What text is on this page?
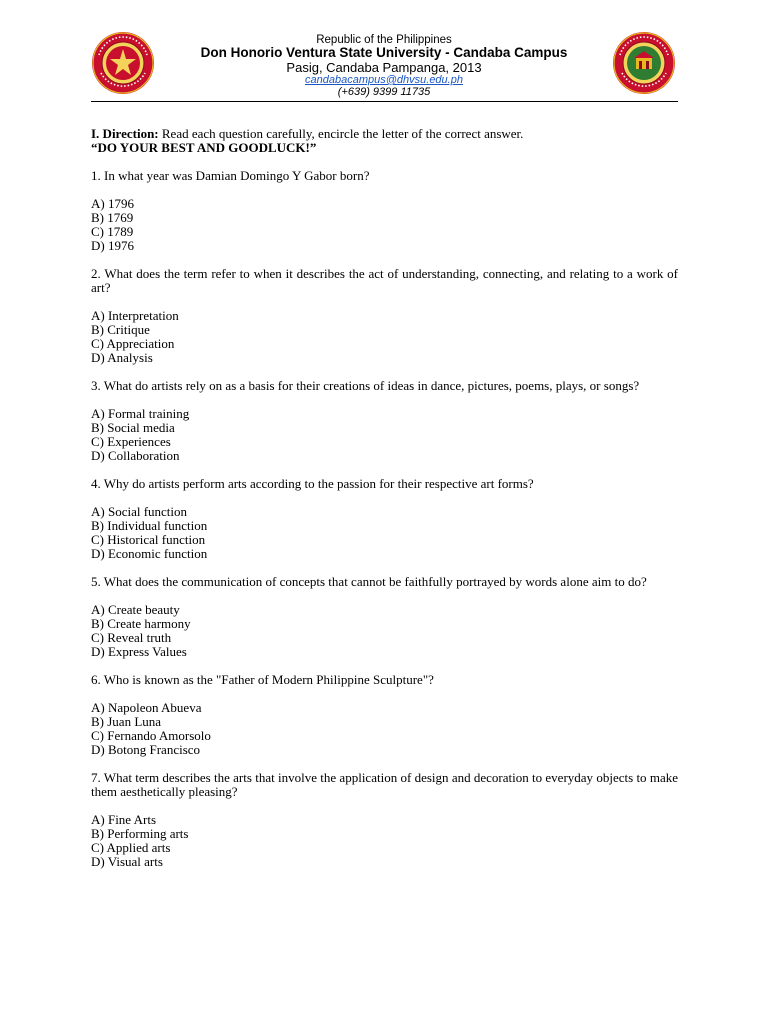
Republic of the Philippines
Don Honorio Ventura State University - Candaba Campus
Pasig, Candaba Pampanga, 2013
candabacampus@dhvsu.edu.ph
(+639) 9399 11735

I. Direction: Read each question carefully, encircle the letter of the correct answer.

“DO YOUR BEST AND GOODLUCK!”

1. In what year was Damian Domingo Y Gabor born?

A) 1796
B) 1769
C) 1789
D) 1976

2. What does the term refer to when it describes the act of understanding, connecting, and relating to a work of art?

A) Interpretation
B) Critique
C) Appreciation
D) Analysis

3. What do artists rely on as a basis for their creations of ideas in dance, pictures, poems, plays, or songs?

A) Formal training
B) Social media
C) Experiences
D) Collaboration

4. Why do artists perform arts according to the passion for their respective art forms?

A) Social function
B) Individual function
C) Historical function
D) Economic function

5. What does the communication of concepts that cannot be faithfully portrayed by words alone aim to do?

A) Create beauty
B) Create harmony
C) Reveal truth
D) Express Values

6. Who is known as the "Father of Modern Philippine Sculpture"?

A) Napoleon Abueva
B) Juan Luna
C) Fernando Amorsolo
D) Botong Francisco

7. What term describes the arts that involve the application of design and decoration to everyday objects to make them aesthetically pleasing?

A) Fine Arts
B) Performing arts
C) Applied arts
D) Visual arts
